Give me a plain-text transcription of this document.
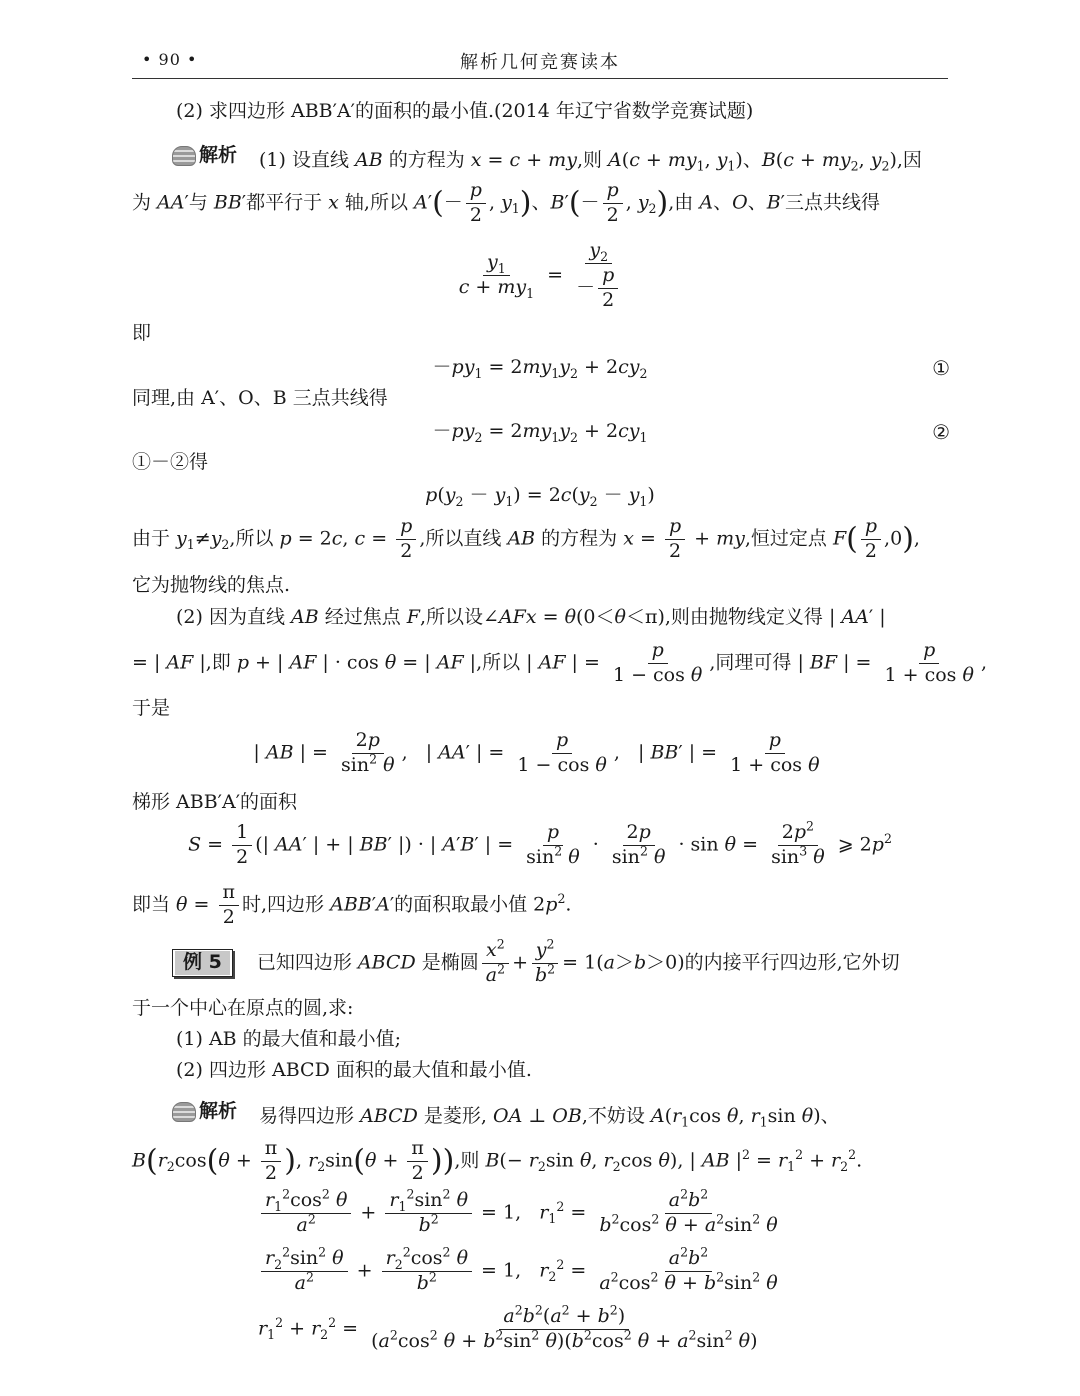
• 90 •	解析几何竞赛读本
(2) 求四边形 ABB′A′的面积的最小值.(2014 年辽宁省数学竞赛试题)
解析 (1) 设直线 AB 的方程为 x = c + my,则 $A(c + my_1$, $y_1$)、$B(c + my_2$, $y_2$),因
为 AA′与 BB′都平行于 x 轴,所以 $A'(- \frac{p}{2}$ , $y_1$)、$B'(- \frac{p}{2}$ , $y_2$),由 A、O、B′三点共线得
$\frac{y_1}{c + my_1} = \frac{y_2}{- \frac{p}{2}}$
即
$-py_1 = 2my_1y_2 + 2cy_2$	①
同理,由 A′、O、B 三点共线得
$-py_2 = 2my_1y_2 + 2cy_1$	②
①－②得
$p(y_2 - y_1) = 2c(y_2 - y_1)$
由于 $y_1\ne y_2$,所以 p = 2c, $c = \frac{p}{2}$ ,所以直线 AB 的方程为 $x = \frac{p}{2}$ + my,恒过定点 $F( \frac{p}{2} ,0)$,
它为抛物线的焦点.
(2) 因为直线 AB 经过焦点 F,所以设∠AFx = θ(0＜θ＜π),则由抛物线定义得 | AA′ |
= | AF |,即 p + | AF | · cos θ = | AF |,所以 | AF | = $\frac{p}{\text{1 − cos θ}}$ ,同理可得 | BF | = $\frac{p}{\text{1 + cos θ}}$ ,
于是
| AB | = $\frac{2p}{\sin^2 \theta}$ ,   | AA′ | = $\frac{p}{\text{1 − cos θ}}$ ,   | BB′ | = $\frac{p}{\text{1 + cos θ}}$
梯形 ABB′A′的面积
$S = \frac{1}{2}$ (| AA′ | + | BB′ |) · | A′B′ | = $\frac{p}{\sin^2 \theta} \cdot \frac{2p}{\sin^2 \theta} \cdot \sin \theta = \frac{2p^2}{\sin^3 \theta}$ ⩾ $2p^2$
即当 $\theta = \frac{\pi}{2}$ 时,四边形 ABB′A′的面积取最小值 $2p^2$.
例 5 已知四边形 ABCD 是椭圆 $\frac{x^2}{a^2} + \frac{y^2}{b^2} = 1(a>b>0)$的内接平行四边形,它外切
于一个中心在原点的圆,求:
(1) AB 的最大值和最小值;
(2) 四边形 ABCD 面积的最大值和最小值.
解析 易得四边形 ABCD 是菱形, OA ⊥ OB,不妨设 $A(r_1\cos$ θ, $r_1\sin$ θ)、
$B(r_2\cos(\theta + \frac{\pi}{2}$ ), $r_2\sin(\theta + \frac{\pi}{2}$ )),则 $B(- r_2\sin$ θ, $r_2\cos$ θ), | AB $|^2 = r_1^2 + r_2^2$.
$\frac{r_1^2\cos^2 \theta}{a^2} + \frac{r_1^2\sin^2 \theta}{b^2} = 1$,   $r_1^2 = \frac{a^2b^2}{b^2\cos^2 \theta + a^2\sin^2 \theta}$
$\frac{r_2^2\sin^2 \theta}{a^2} + \frac{r_2^2\cos^2 \theta}{b^2} = 1$,   $r_2^2 = \frac{a^2b^2}{a^2\cos^2 \theta + b^2\sin^2 \theta}$
$r_1^2 + r_2^2 = \frac{a^2b^2(a^2 + b^2)}{(a^2\cos^2 \theta + b^2\sin^2 \theta)(b^2\cos^2 \theta + a^2\sin^2 \theta)}$
